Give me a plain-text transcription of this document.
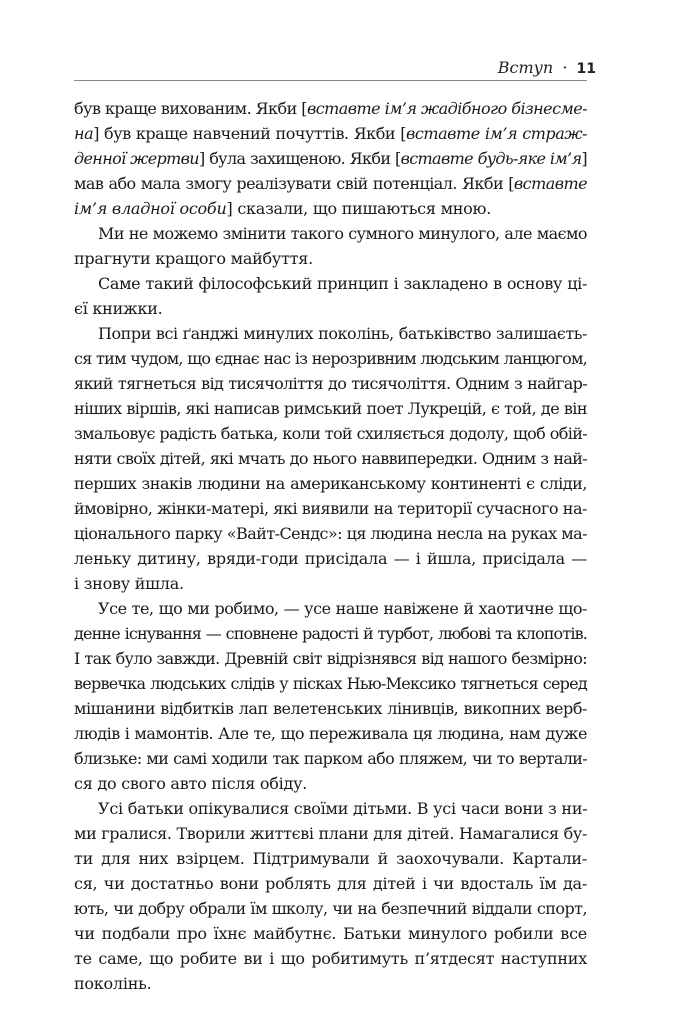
Вступ · 11
був краще вихованим. Якби [вставте ім’я жадібного бізнесме-
на] був краще навчений почуттів. Якби [вставте ім’я страж-
денної жертви] була захищеною. Якби [вставте будь-яке ім’я]
мав або мала змогу реалізувати свій потенціал. Якби [вставте
ім’я владної особи] сказали, що пишаються мною.
Ми не можемо змінити такого сумного минулого, але маємо
прагнути кращого майбуття.
Саме такий філософський принцип і закладено в основу ці-
єї книжки.
Попри всі ґанджі минулих поколінь, батьківство залишаєть-
ся тим чудом, що єднає нас із нерозривним людським ланцюгом,
який тягнеться від тисячоліття до тисячоліття. Одним з найгар-
ніших віршів, які написав римський поет Лукрецій, є той, де він
змальовує радість батька, коли той схиляється додолу, щоб обій-
няти своїх дітей, які мчать до нього наввипередки. Одним з най-
перших знаків людини на американському континенті є сліди,
ймовірно, жінки-матері, які виявили на території сучасного на-
ціонального парку «Вайт-Сендс»: ця людина несла на руках ма-
леньку дитину, вряди-годи присідала — і йшла, присідала —
і знову йшла.
Усе те, що ми робимо, — усе наше навіжене й хаотичне що-
денне існування — сповнене радості й турбот, любові та клопотів.
І так було завжди. Древній світ відрізнявся від нашого безмірно:
вервечка людських слідів у пісках Нью-Мексико тягнеться серед
мішанини відбитків лап велетенських лінивців, викопних верб-
людів і мамонтів. Але те, що переживала ця людина, нам дуже
близьке: ми самі ходили так парком або пляжем, чи то вертали-
ся до свого авто після обіду.
Усі батьки опікувалися своїми дітьми. В усі часи вони з ни-
ми гралися. Творили життєві плани для дітей. Намагалися бу-
ти для них взірцем. Підтримували й заохочували. Картали-
ся, чи достатньо вони роблять для дітей і чи вдосталь їм да-
ють, чи добру обрали їм школу, чи на безпечний віддали спорт,
чи подбали про їхнє майбутнє. Батьки минулого робили все
те саме, що робите ви і що робитимуть п’ятдесят наступних
поколінь.
